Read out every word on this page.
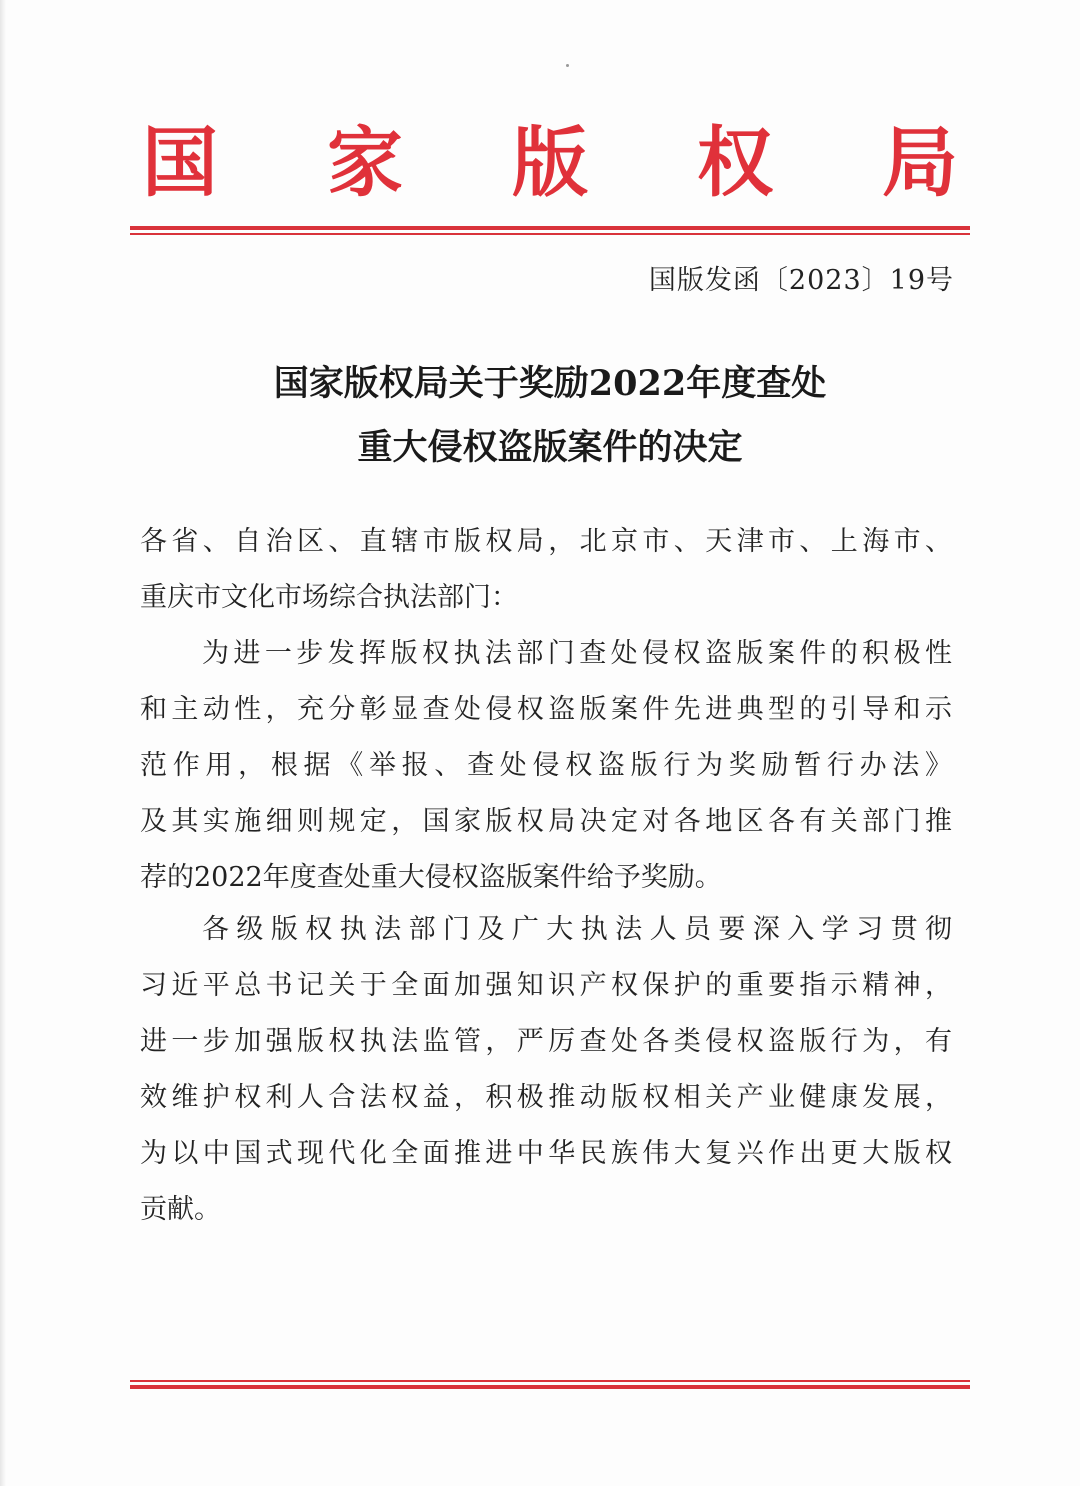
国 家 版 权 局
国版发函〔2023〕19号
国家版权局关于奖励2022年度查处
重大侵权盗版案件的决定
各省、自治区、直辖市版权局，北京市、天津市、上海市、
重庆市文化市场综合执法部门：
为进一步发挥版权执法部门查处侵权盗版案件的积极性
和主动性，充分彰显查处侵权盗版案件先进典型的引导和示
范作用，根据《举报、查处侵权盗版行为奖励暂行办法》
及其实施细则规定，国家版权局决定对各地区各有关部门推
荐的2022年度查处重大侵权盗版案件给予奖励。
各级版权执法部门及广大执法人员要深入学习贯彻
习近平总书记关于全面加强知识产权保护的重要指示精神，
进一步加强版权执法监管，严厉查处各类侵权盗版行为，有
效维护权利人合法权益，积极推动版权相关产业健康发展，
为以中国式现代化全面推进中华民族伟大复兴作出更大版权
贡献。
